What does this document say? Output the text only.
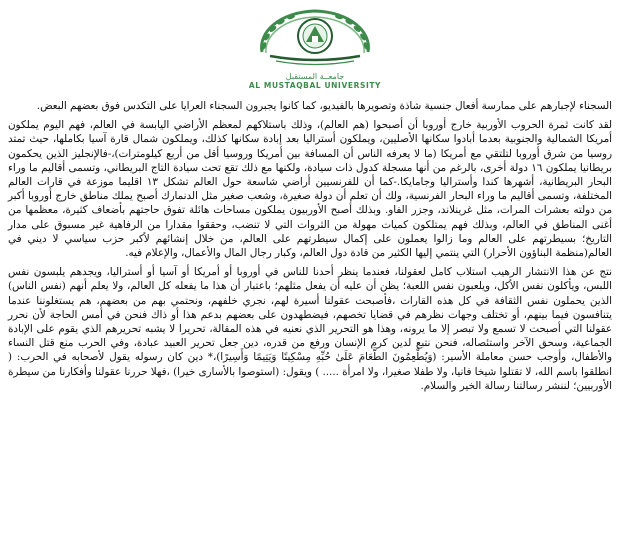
جامعــة المستقبل
AL MUSTAQBAL UNIVERSITY

السجناء لإجبارهم على ممارسة أفعال جنسية شاذة وتصويرها بالفيديو، كما كانوا يجبرون السجناء العرايا على التكدس فوق بعضهم البعض.

لقد كانت ثمرة الحروب الأوربية خارج أوروبا أن أصبحوا (هم العالم)، وذلك باستلاكهم لمعظم الأراضي اليابسة في العالم، فهم اليوم يملكون أمريكا الشمالية والجنوبية بعدما أبادوا سكانها الأصليين، ويملكون أستراليا بعد إبادة سكانها كذلك، ويملكون شمال قارة آسيا بكاملها، حيث تمتد روسيا من شرق أوروبا لتلتقي مع أمريكا (ما لا يعرفه الناس أن المسافة بين أمريكا وروسيا أقل من أربع كيلومترات)،-فالإنجليز الذين يحكمون بريطانيا يملكون ١٦ دولة أخرى، بالرغم من أنها مسجلة كدول ذات سيادة، ولكنها مع ذلك تقع تحت سيادة التاج البريطاني، وتسمى أقاليم ما وراء البحار البريطانية، أشهرها كندا وأستراليا وجامايكا.-كما أن للفرنسيين أراضي شاسعة حول العالم تشكل ١٣ اقليما موزعة في قارات العالم المختلفة، وتسمى أقاليم ما وراء البحار الفرنسية، ولك أن تعلم أن دولة صغيرة، وشعب صغير مثل الدنمارك أصبح يملك مناطق خارج أوروبا أكبر من دولته بعشرات المرات، مثل غرينلاند، وجزر الفاو. وبذلك أصبح الأوربيون يملكون مساحات هائلة تفوق حاجتهم بأضعاف كثيرة، معظمها من أغنى المناطق في العالم، وبذلك فهم يمتلكون كميات مهولة من الثروات التي لا تنضب، وحققوا مقدارا من الرفاهية غير مسبوق على مدار التاريخ؛ بسيطرتهم على العالم وما زالوا يعملون على إكمال سيطرتهم على العالم، من خلال إنشائهم لأكبر حزب سياسي لا ديني في العالم(منظمة البناؤون الأحرار) التي ينتمي إليها الكثير من قادة دول العالم، وكبار رجال المال والأعمال، والإعلام فيه.

نتج عن هذا الانتشار الرهيب استلاب كامل لعقولنا، فعندما ينظر أحدنا للناس في أوروبا أو أمريكا أو آسيا أو أستراليا، ويجدهم يلبسون نفس اللبس، ويأكلون نفس الأكل، ويلعبون نفس اللعبة؛ يظن أن عليه أن يفعل مثلهم؛ باعتبار أن هذا ما يفعله كل العالم، ولا يعلم أنهم (نفس الناس) الذين يحملون نفس الثقافة في كل هذه القارات ،فأصبحت عقولنا أسيرة لهم، نجري خلفهم، ونحتمي بهم من بعضهم، هم يستغلوننا عندما يتنافسون فيما بينهم، أو تختلف وجهات نظرهم في قضايا تخصهم، فيضطهدون على بعضهم بدعم هذا أو ذاك فنحن في أمس الحاجة لأن نحرر عقولنا التي أصبحت لا تسمع ولا تبصر إلا ما يرونه، وهذا هو التحرير الذي نعنيه في هذه المقالة، تحريرا لا يشبه تحريرهم الذي يقوم على الإبادة الجماعية، وسحق الآخر واستئصاله، فنحن نتبع لدين كرم الإنسان ورفع من قدره، دين جعل تحرير العبيد عبادة، وفي الحرب منع قتل النساء والأطفال، وأوجب حسن معاملة الأسير: (وَيُطْعِمُونَ الطَّعَامَ عَلَىٰ حُبِّهِ مِسْكِينًا وَيَتِيمًا وَأَسِيرًا)،* دين كان رسوله يقول لأصحابه في الحرب: ( انطلقوا باسم الله، لا تقتلوا شيخا فانيا، ولا طفلا صغيرا، ولا امرأة ..... ) ويقول: (استوصوا بالأسارى خيرا) ،فهلا حررنا عقولنا وأفكارنا من سيطرة الأوربيين؛ لننشر رسالتنا رسالة الخير والسلام.
